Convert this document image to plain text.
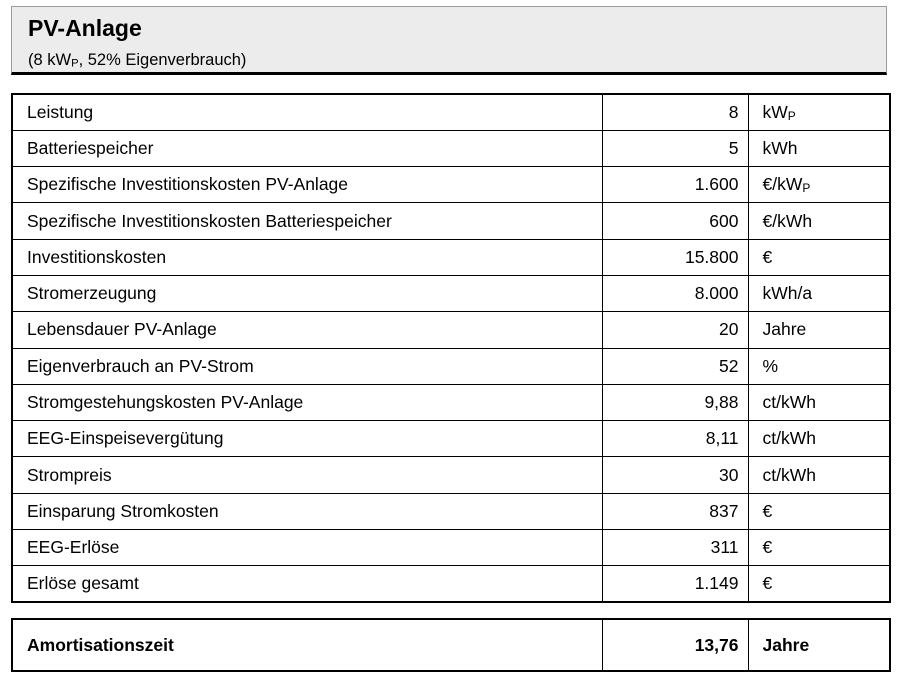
PV-Anlage
(8 $kW_P$, 52% Eigenverbrauch)
Leistung	8	$kW_P$
Batteriespeicher	5	kWh
Spezifische Investitionskosten PV-Anlage	1.600	$€/kW_P$
Spezifische Investitionskosten Batteriespeicher	600	€/kWh
Investitionskosten	15.800	€
Stromerzeugung	8.000	kWh/a
Lebensdauer PV-Anlage	20	Jahre
Eigenverbrauch an PV-Strom	52	%
Stromgestehungskosten PV-Anlage	9,88	ct/kWh
EEG-Einspeisevergütung	8,11	ct/kWh
Strompreis	30	ct/kWh
Einsparung Stromkosten	837	€
EEG-Erlöse	311	€
Erlöse gesamt	1.149	€
Amortisationszeit	13,76	Jahre
